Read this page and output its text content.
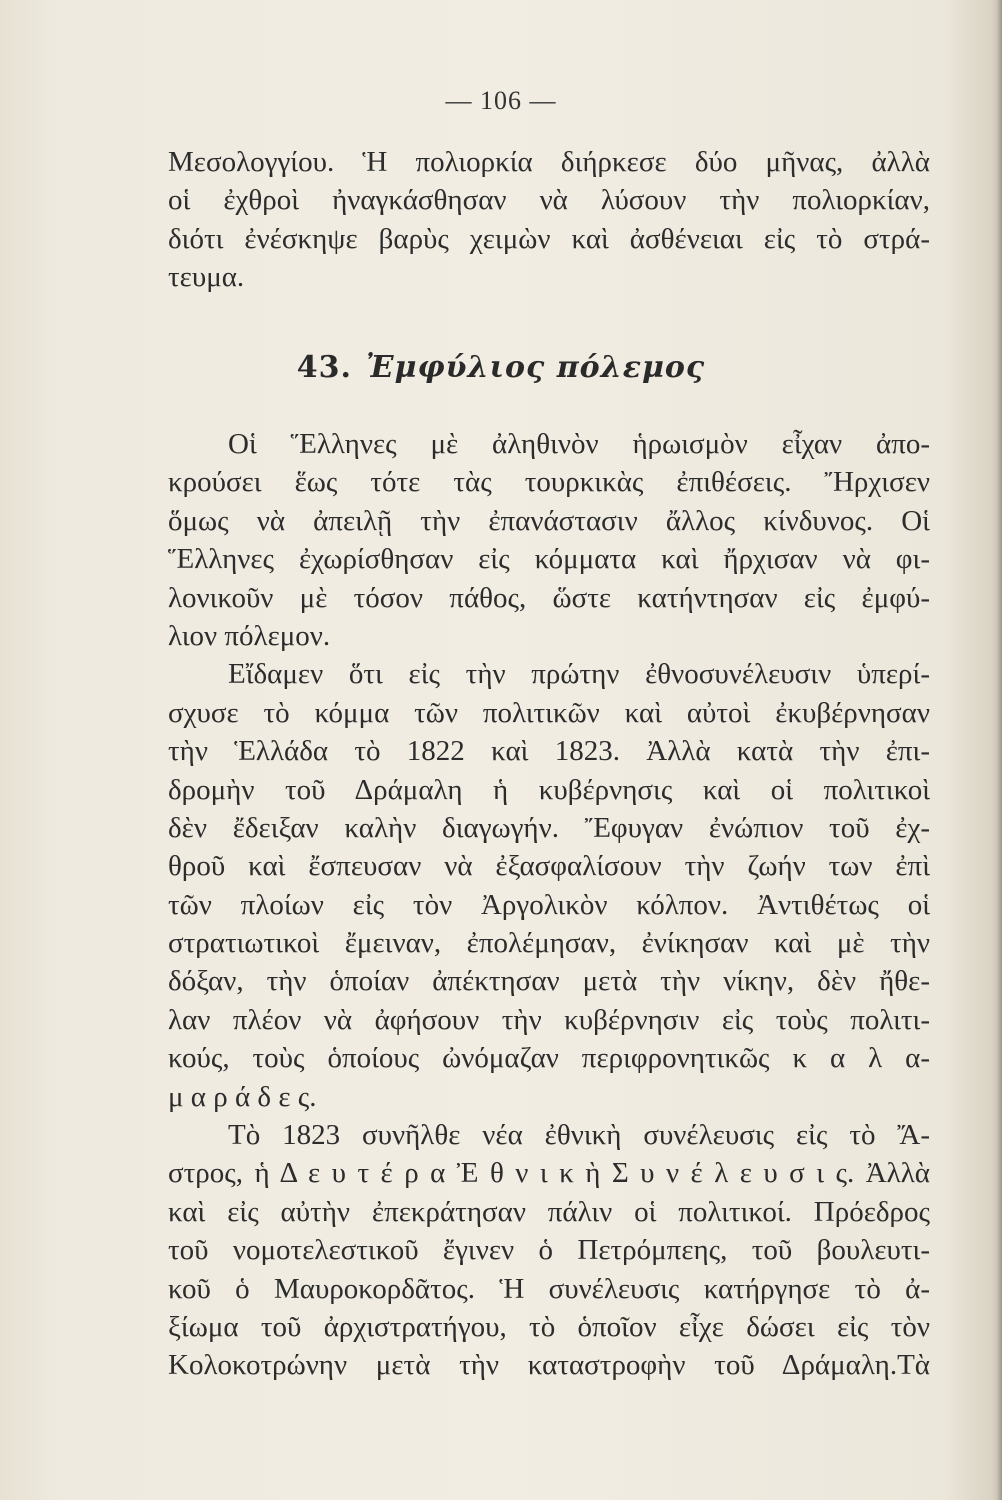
— 106 —
Μεσολογγίου. Ἡ πολιορκία διήρκεσε δύο μῆνας, ἀλλὰ
οἱ ἐχθροὶ ἠναγκάσθησαν νὰ λύσουν τὴν πολιορκίαν,
διότι ἐνέσκηψε βαρὺς χειμὼν καὶ ἀσθένειαι εἰς τὸ στρά-
τευμα.
43. Ἐμφύλιος πόλεμος
Οἱ Ἕλληνες μὲ ἀληθινὸν ἡρωισμὸν εἶχαν ἀπο-
κρούσει ἕως τότε τὰς τουρκικὰς ἐπιθέσεις. Ἤρχισεν
ὅμως νὰ ἀπειλῇ τὴν ἐπανάστασιν ἄλλος κίνδυνος. Οἱ
Ἕλληνες ἐχωρίσθησαν εἰς κόμματα καὶ ἤρχισαν νὰ φι-
λονικοῦν μὲ τόσον πάθος, ὥστε κατήντησαν εἰς ἐμφύ-
λιον πόλεμον.
Εἴδαμεν ὅτι εἰς τὴν πρώτην ἐθνοσυνέλευσιν ὑπερί-
σχυσε τὸ κόμμα τῶν πολιτικῶν καὶ αὐτοὶ ἐκυβέρνησαν
τὴν Ἑλλάδα τὸ 1822 καὶ 1823. Ἀλλὰ κατὰ τὴν ἐπι-
δρομὴν τοῦ Δράμαλη ἡ κυβέρνησις καὶ οἱ πολιτικοὶ
δὲν ἔδειξαν καλὴν διαγωγήν. Ἔφυγαν ἐνώπιον τοῦ ἐχ-
θροῦ καὶ ἔσπευσαν νὰ ἐξασφαλίσουν τὴν ζωήν των ἐπὶ
τῶν πλοίων εἰς τὸν Ἀργολικὸν κόλπον. Ἀντιθέτως οἱ
στρατιωτικοὶ ἔμειναν, ἐπολέμησαν, ἐνίκησαν καὶ μὲ τὴν
δόξαν, τὴν ὁποίαν ἀπέκτησαν μετὰ τὴν νίκην, δὲν ἤθε-
λαν πλέον νὰ ἀφήσουν τὴν κυβέρνησιν εἰς τοὺς πολιτι-
κούς, τοὺς ὁποίους ὠνόμαζαν περιφρονητικῶς κ α λ α-
μ α ρ ά δ ε ς.
Τὸ 1823 συνῆλθε νέα ἐθνικὴ συνέλευσις εἰς τὸ Ἄ-
στρος, ἡ Δ ε υ τ έ ρ α Ἐ θ ν ι κ ὴ Σ υ ν έ λ ε υ σ ι ς. Ἀλλὰ
καὶ εἰς αὐτὴν ἐπεκράτησαν πάλιν οἱ πολιτικοί. Πρόεδρος
τοῦ νομοτελεστικοῦ ἔγινεν ὁ Πετρόμπεης, τοῦ βουλευτι-
κοῦ ὁ Μαυροκορδᾶτος. Ἡ συνέλευσις κατήργησε τὸ ἀ-
ξίωμα τοῦ ἀρχιστρατήγου, τὸ ὁποῖον εἶχε δώσει εἰς τὸν
Κολοκοτρώνην μετὰ τὴν καταστροφὴν τοῦ Δράμαλη.Τὰ
